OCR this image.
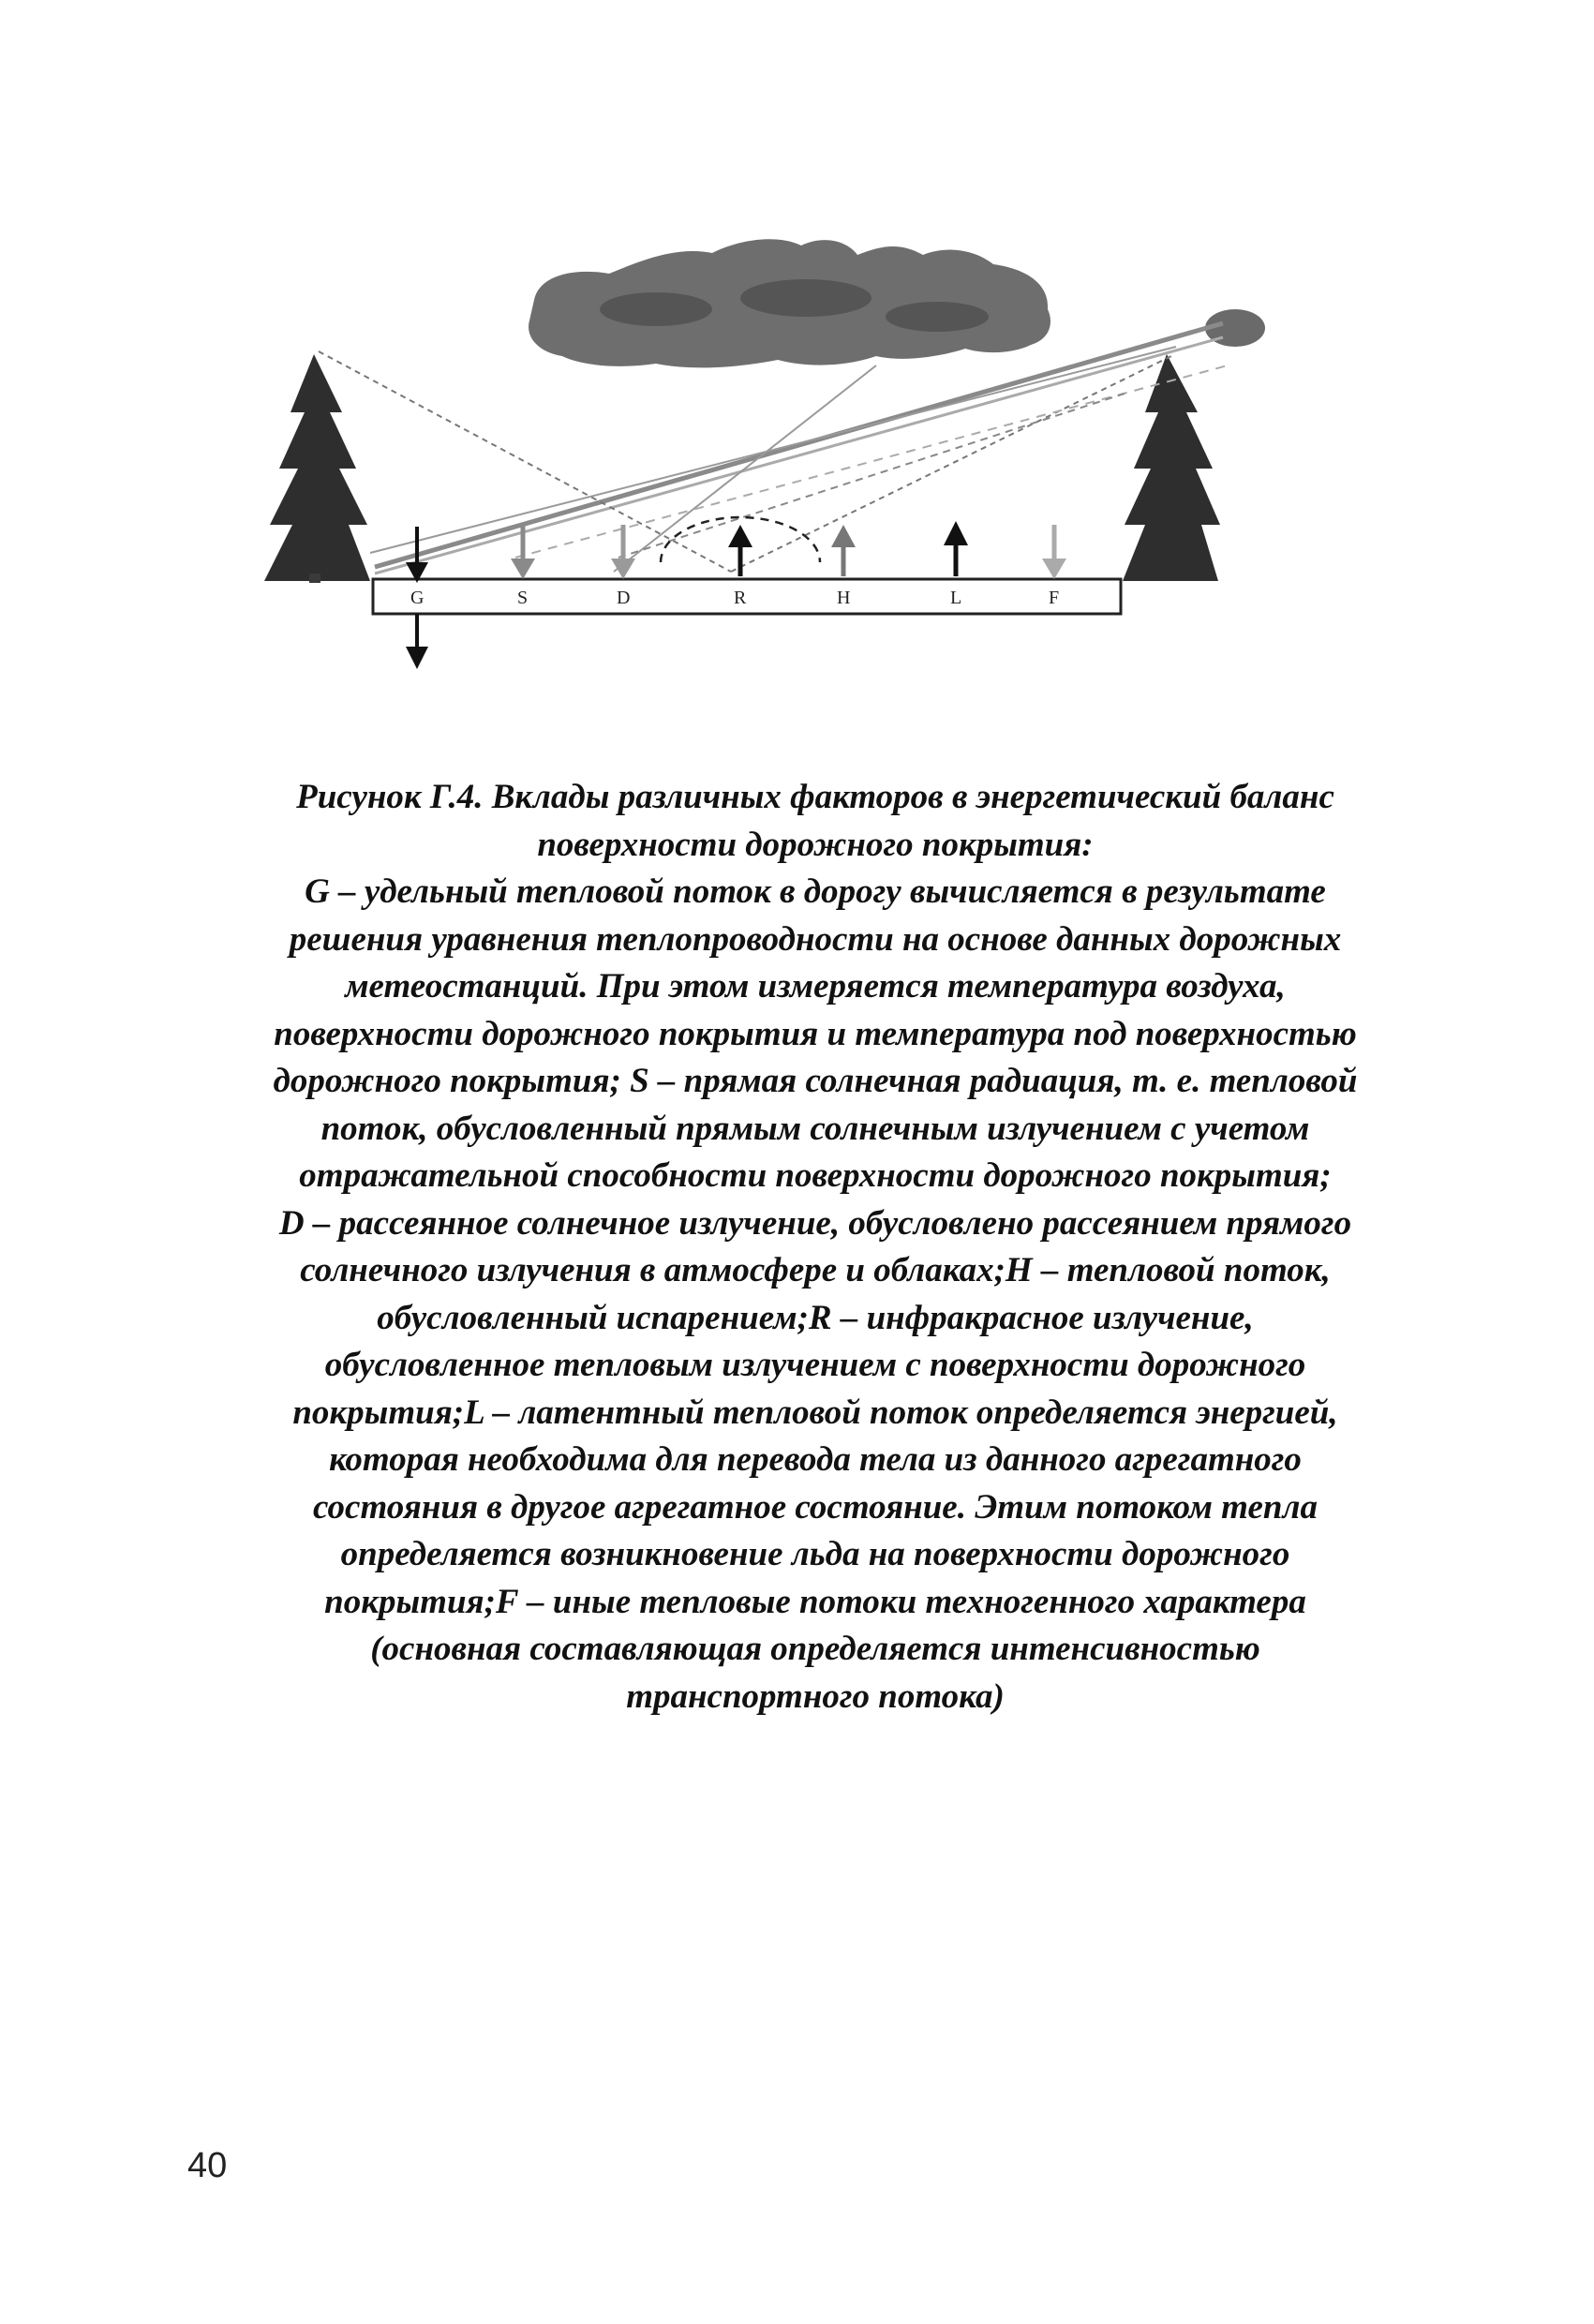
G	S	D	R	H	L	F
Рисунок Г.4. Вклады различных факторов в энергетический баланс
поверхности дорожного покрытия:
G – удельный тепловой поток в дорогу вычисляется в результате
решения уравнения теплопроводности на основе данных дорожных
метеостанций. При этом измеряется температура воздуха,
поверхности дорожного покрытия и температура под поверхностью
дорожного покрытия; S – прямая солнечная радиация, т. е. тепловой
поток, обусловленный прямым солнечным излучением с учетом
отражательной способности поверхности дорожного покрытия;
D – рассеянное солнечное излучение, обусловлено рассеянием прямого
солнечного излучения в атмосфере и облаках;H – тепловой поток,
обусловленный испарением;R – инфракрасное излучение,
обусловленное тепловым излучением с поверхности дорожного
покрытия;L – латентный тепловой поток определяется энергией,
которая необходима для перевода тела из данного агрегатного
состояния в другое агрегатное состояние. Этим потоком тепла
определяется возникновение льда на поверхности дорожного
покрытия;F – иные тепловые потоки техногенного характера
(основная составляющая определяется интенсивностью
транспортного потока)
40
